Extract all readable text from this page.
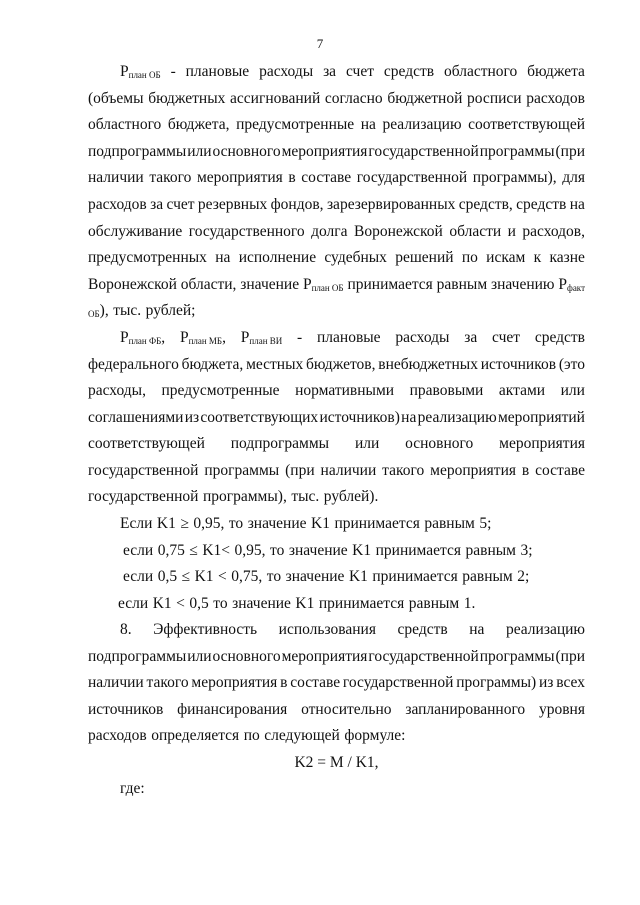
7
$P_{план ОБ}$ - плановые расходы за счет средств областного бюджета
(объемы бюджетных ассигнований согласно бюджетной росписи расходов
областного бюджета, предусмотренные на реализацию соответствующей
подпрограммы или основного мероприятия государственной программы (при
наличии такого мероприятия в составе государственной программы), для
расходов за счет резервных фондов, зарезервированных средств, средств на
обслуживание государственного долга Воронежской области и расходов,
предусмотренных на исполнение судебных решений по искам к казне
Воронежской области, значение $P_{план ОБ}$ принимается равным значению $P_{факт}$
$_{ОБ}$), тыс. рублей;
$P_{план ФБ}$, $P_{план МБ}$, $P_{план ВИ}$ - плановые расходы за счет средств
федерального бюджета, местных бюджетов, внебюджетных источников (это
расходы, предусмотренные нормативными правовыми актами или
соглашениями из соответствующих источников) на реализацию мероприятий
соответствующей подпрограммы или основного мероприятия
государственной программы (при наличии такого мероприятия в составе
государственной программы), тыс. рублей).
Если K1 ≥ 0,95, то значение K1 принимается равным 5;
если 0,75 ≤ K1< 0,95, то значение K1 принимается равным 3;
если 0,5 ≤ K1 < 0,75, то значение K1 принимается равным 2;
если K1 < 0,5 то значение K1 принимается равным 1.
8. Эффективность использования средств на реализацию
подпрограммы или основного мероприятия государственной программы (при
наличии такого мероприятия в составе государственной программы) из всех
источников финансирования относительно запланированного уровня
расходов определяется по следующей формуле:
K2 = M / K1,
где:
